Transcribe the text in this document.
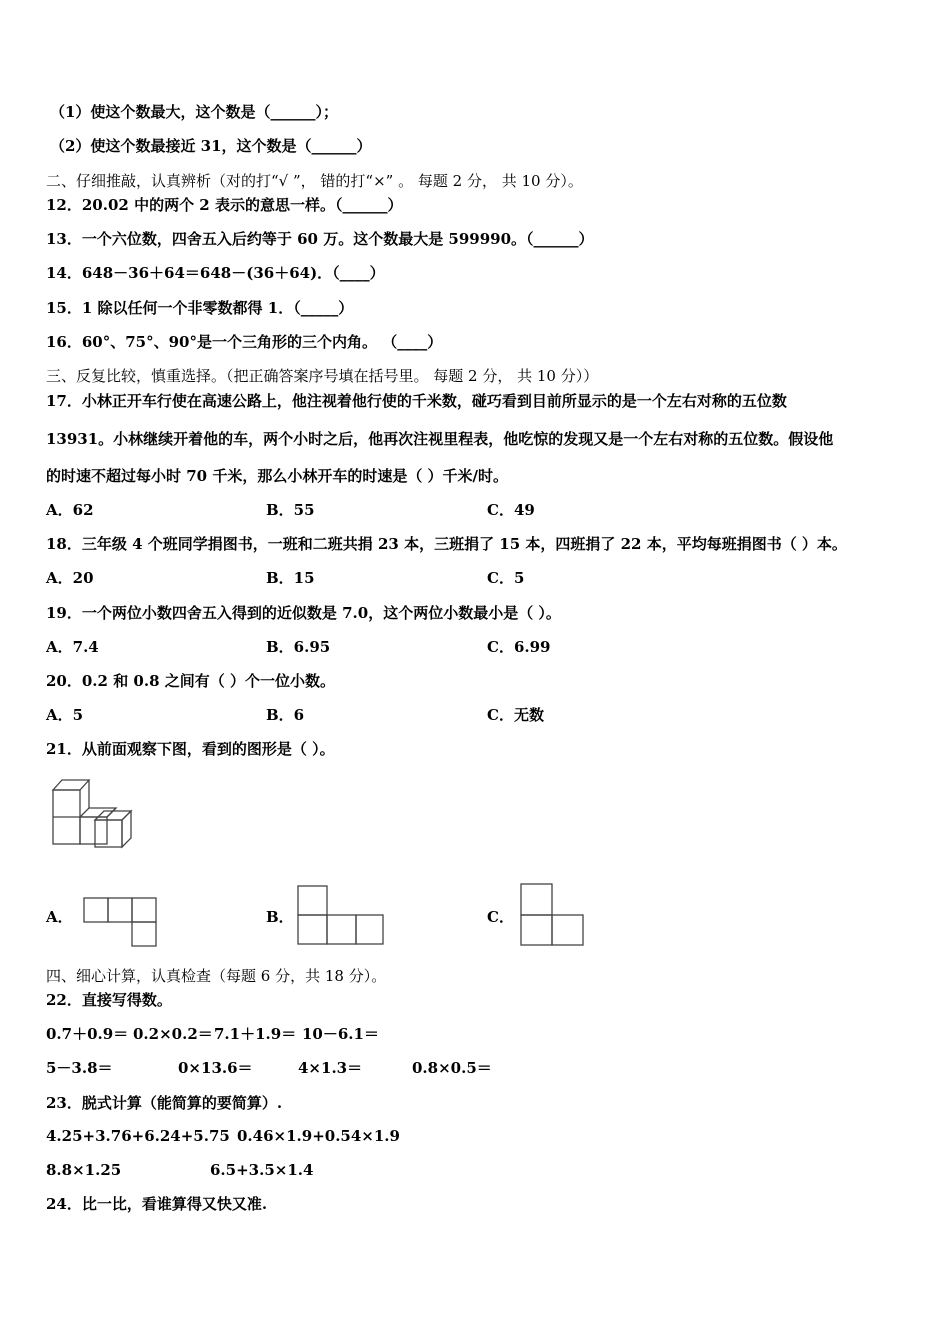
（1）使这个数最大，这个数是（______）；
（2）使这个数最接近 31，这个数是（______）
二、仔细推敲，认真辨析（对的打“√ ”， 错的打“×” 。 每题 2 分， 共 10 分）。
12．20.02 中的两个 2 表示的意思一样。（______）
13．一个六位数，四舍五入后约等于 60 万。这个数最大是 599990。（______）
14．648－36＋64＝648－(36＋64)．（____）
15．1 除以任何一个非零数都得 1．（_____）
16．60°、75°、90°是一个三角形的三个内角。 （____）
三、反复比较，慎重选择。（把正确答案序号填在括号里。 每题 2 分， 共 10 分））
17．小林正开车行使在高速公路上，他注视着他行使的千米数，碰巧看到目前所显示的是一个左右对称的五位数
13931。小林继续开着他的车，两个小时之后，他再次注视里程表，他吃惊的发现又是一个左右对称的五位数。假设他
的时速不超过每小时 70 千米，那么小林开车的时速是（ ）千米/时。
A．62	B．55	C．49
18．三年级 4 个班同学捐图书，一班和二班共捐 23 本，三班捐了 15 本，四班捐了 22 本，平均每班捐图书（ ）本。
A．20	B．15	C．5
19．一个两位小数四舍五入得到的近似数是 7.0，这个两位小数最小是（ ）。
A．7.4	B．6.95	C．6.99
20．0.2 和 0.8 之间有（ ）个一位小数。
A．5	B．6	C．无数
21．从前面观察下图，看到的图形是（ ）。
A．	B．	C．
四、细心计算，认真检查（每题 6 分，共 18 分）。
22．直接写得数。
0.7＋0.9＝ 0.2×0.2＝ 7.1＋1.9＝ 10－6.1＝
5－3.8＝	0×13.6＝	4×1.3＝	0.8×0.5＝
23．脱式计算（能简算的要简算）.
4.25+3.76+6.24+5.75 0.46×1.9+0.54×1.9
8.8×1.25	6.5+3.5×1.4
24．比一比，看谁算得又快又准.
